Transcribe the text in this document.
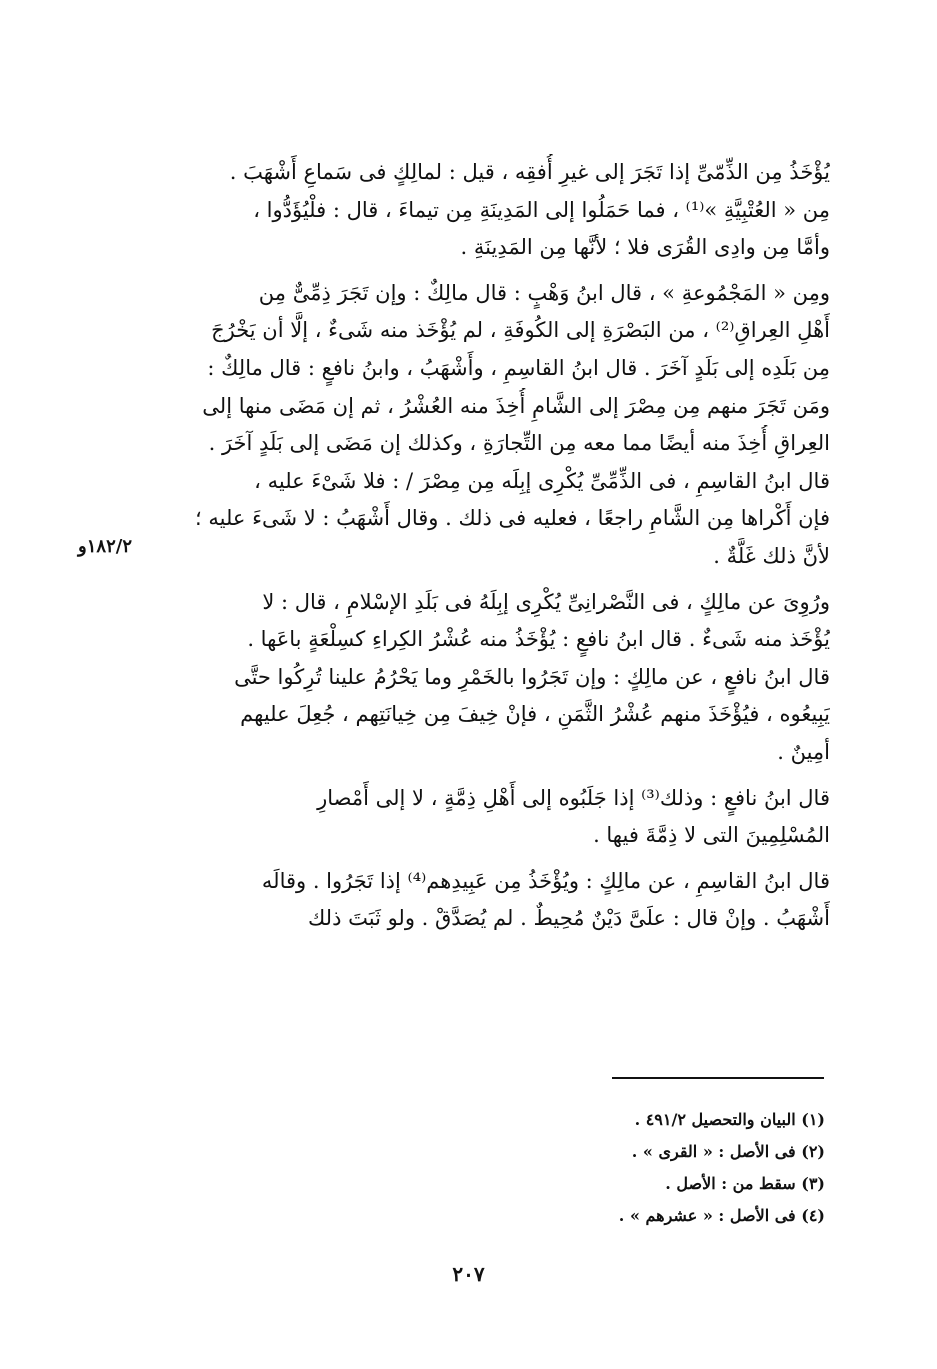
يُؤْخَذُ مِن الذِّمّىِّ إذا تَجَرَ إلى غيرِ أُفقِه ، قيل : لمالِكٍ فى سَماعِ أَشْهَبَ .
مِن « العُتْبِيَّةِ »⁽¹⁾ ، فما حَمَلُوا إلى المَدِينَةِ مِن تيماءَ ، قال : فلْيُؤَدُّوا ،
وأمَّا مِن وادِى القُرَى فلا ؛ لأنَّها مِن المَدِينَةِ .
ومِن « المَجْمُوعةِ » ، قال ابنُ وَهْبٍ : قال مالِكٌ : وإن تَجَرَ ذِمِّىٌّ مِن
أَهْلِ العِراقِ⁽²⁾ ، من البَصْرَةِ إلى الكُوفَةِ ، لم يُؤْخَذ منه شَىءٌ ، إلَّا أن يَخْرُجَ
مِن بَلَدِه إلى بَلَدٍ آخَرَ . قال ابنُ القاسِمِ ، وأَشْهَبُ ، وابنُ نافعٍ : قال مالِكٌ :
ومَن تَجَرَ منهم مِن مِصْرَ إلى الشَّامِ أُخِذَ منه العُشْرُ ، ثم إن مَضَى منها إلى
العِراقِ أُخِذَ منه أيضًا مما معه مِن التِّجارَةِ ، وكذلك إن مَضَى إلى بَلَدٍ آخَرَ .
قال ابنُ القاسِمِ ، فى الذِّمِّىِّ يُكْرِى إبِلَه مِن مِصْرَ / : فلا شَىْءَ عليه ،
فإن أَكْراها مِن الشَّامِ راجعًا ، فعليه فى ذلك . وقال أَشْهَبُ : لا شَىءَ عليه ؛
لأنَّ ذلك غَلَّةٌ .
ورُوِىَ عن مالِكٍ ، فى النَّصْرانِىِّ يُكْرِى إبِلَهُ فى بَلَدِ الإسْلامِ ، قال : لا
يُؤْخَذ منه شَىءٌ . قال ابنُ نافعٍ : يُؤْخَذُ منه عُشْرُ الكِراءِ كسِلْعَةٍ باعَها .
قال ابنُ نافعٍ ، عن مالِكٍ : وإن تَجَرُوا بالخَمْرِ وما يَحْرُمُ علينا تُرِكُوا حتَّى
يَبِيعُوه ، فيُؤْخَذَ منهم عُشْرُ الثَّمَنِ ، فإنْ خِيفَ مِن خِيانَتِهم ، جُعِلَ عليهم
أمِينٌ .
قال ابنُ نافعٍ : وذلك⁽³⁾ إذا جَلَبُوه إلى أَهْلِ ذِمَّةٍ ، لا إلى أَمْصارِ
المُسْلِمِينَ التى لا ذِمَّةَ فيها .
قال ابنُ القاسِمِ ، عن مالِكٍ : ويُؤْخَذُ مِن عَبِيدِهم⁽⁴⁾ إذا تَجَرُوا . وقالَه
أَشْهَبُ . وإنْ قال : علَىَّ دَيْنٌ مُحِيطٌ . لم يُصَدَّقْ . ولو ثَبَتَ ذلك
١٨٢/٢و
(١) البيان والتحصيل ٤٩١/٢ .
(٢) فى الأصل : « القرى » .
(٣) سقط من : الأصل .
(٤) فى الأصل : « عشرهم » .
٢٠٧
